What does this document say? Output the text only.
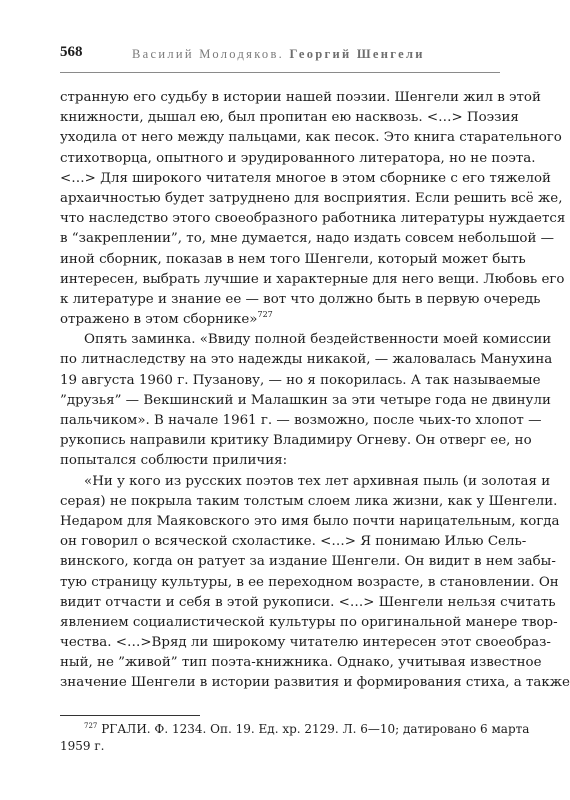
568	Василий Молодяков. Георгий Шенгели
странную его судьбу в истории нашей поэзии. Шенгели жил в этой
книжности, дышал ею, был пропитан ею насквозь. <…> Поэзия
уходила от него между пальцами, как песок. Это книга старательного
стихотворца, опытного и эрудированного литератора, но не поэта.
<…> Для широкого читателя многое в этом сборнике с его тяжелой
архаичностью будет затруднено для восприятия. Если решить всё же,
что наследство этого своеобразного работника литературы нуждается
в “закреплении”, то, мне думается, надо издать совсем небольшой —
иной сборник, показав в нем того Шенгели, который может быть
интересен, выбрать лучшие и характерные для него вещи. Любовь его
к литературе и знание ее — вот что должно быть в первую очередь
отражено в этом сборнике»$^{727}$
Опять заминка. «Ввиду полной бездейственности моей комиссии
по литнаследству на это надежды никакой, — жаловалась Манухина
19 августа 1960 г. Пузанову, — но я покорилась. А так называемые
”друзья” — Векшинский и Малашкин за эти четыре года не двинули
пальчиком». В начале 1961 г. — возможно, после чьих-то хлопот —
рукопись направили критику Владимиру Огневу. Он отверг ее, но
попытался соблюсти приличия:
«Ни у кого из русских поэтов тех лет архивная пыль (и золотая и
серая) не покрыла таким толстым слоем лика жизни, как у Шенгели.
Недаром для Маяковского это имя было почти нарицательным, когда
он говорил о всяческой схоластике. <…> Я понимаю Илью Сель-
винского, когда он ратует за издание Шенгели. Он видит в нем забы-
тую страницу культуры, в ее переходном возрасте, в становлении. Он
видит отчасти и себя в этой рукописи. <…> Шенгели нельзя считать
явлением социалистической культуры по оригинальной манере твор-
чества. <…>Вряд ли широкому читателю интересен этот своеобраз-
ный, не ”живой” тип поэта-книжника. Однако, учитывая известное
значение Шенгели в истории развития и формирования стиха, а также
$^{727}$ РГАЛИ. Ф. 1234. Оп. 19. Ед. хр. 2129. Л. 6—10; датировано 6 марта
1959 г.
